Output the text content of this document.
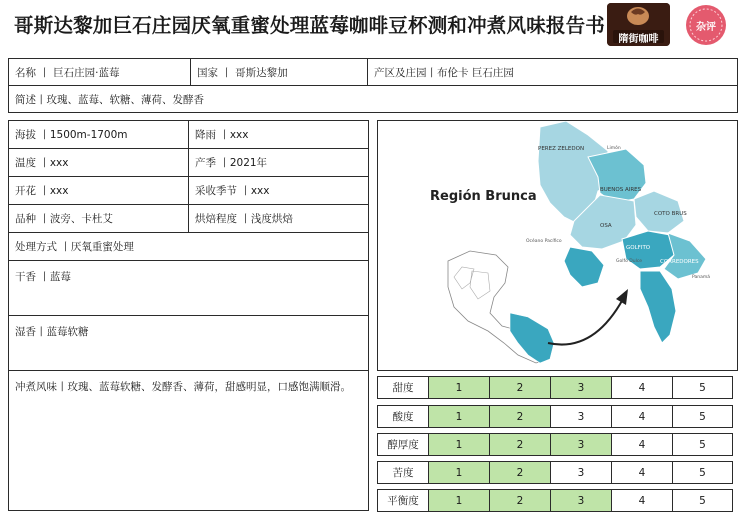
哥斯达黎加巨石庄园厌氧重蜜处理蓝莓咖啡豆杯测和冲煮风味报告书
隋街咖啡
杂评
名称 丨 巨石庄园·蓝莓	国家 丨 哥斯达黎加	产区及庄园丨布伦卡 巨石庄园
简述丨玫瑰、蓝莓、软糖、薄荷、发酵香
海拔 丨1500m-1700m	降雨 丨xxx
温度 丨xxx	产季 丨2021年
开花 丨xxx	采收季节 丨xxx
品种 丨波旁、卡杜艾	烘焙程度 丨浅度烘焙
处理方式 丨厌氧重蜜处理
干香 丨蓝莓
湿香丨蓝莓软糖
冲煮风味丨玫瑰、蓝莓软糖、发酵香、薄荷，甜感明显，口感饱满顺滑。
Región Brunca
PEREZ ZELEDON
BUENOS AIRES
COTO BRUS
OSA
GOLFITO
CORREDORES
Limón
Océano Pacífico
Golfo Dulce
Panamá
甜度	1	2	3	4	5
酸度	1	2	3	4	5
醇厚度	1	2	3	4	5
苦度	1	2	3	4	5
平衡度	1	2	3	4	5
